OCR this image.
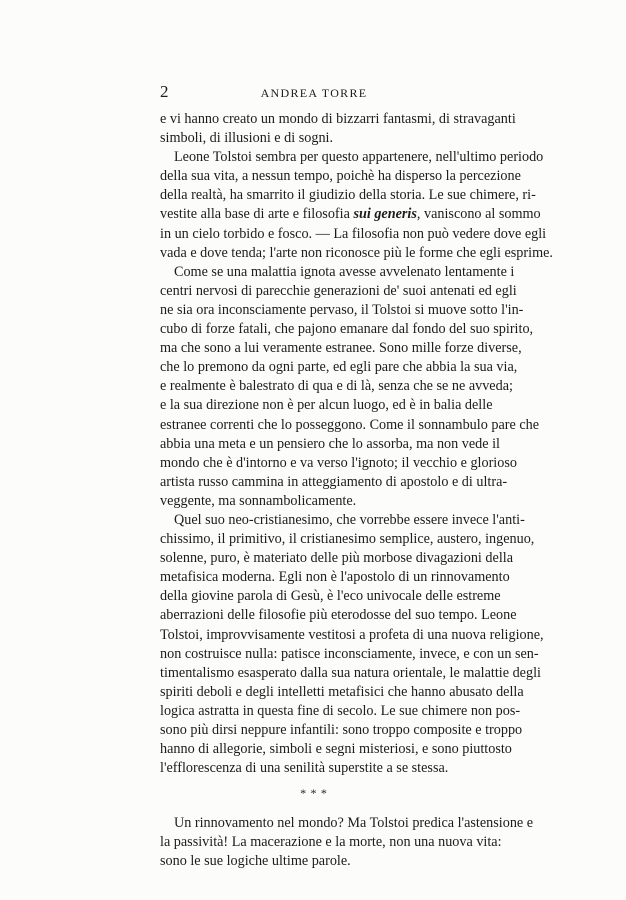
2	ANDREA TORRE
e vi hanno creato un mondo di bizzarri fantasmi, di stravaganti
simboli, di illusioni e di sogni.
Leone Tolstoi sembra per questo appartenere, nell'ultimo periodo
della sua vita, a nessun tempo, poichè ha disperso la percezione
della realtà, ha smarrito il giudizio della storia. Le sue chimere, ri-
vestite alla base di arte e filosofia sui generis, vaniscono al sommo
in un cielo torbido e fosco. — La filosofia non può vedere dove egli
vada e dove tenda; l'arte non riconosce più le forme che egli esprime.
Come se una malattia ignota avesse avvelenato lentamente i
centri nervosi di parecchie generazioni de' suoi antenati ed egli
ne sia ora inconsciamente pervaso, il Tolstoi si muove sotto l'in-
cubo di forze fatali, che pajono emanare dal fondo del suo spirito,
ma che sono a lui veramente estranee. Sono mille forze diverse,
che lo premono da ogni parte, ed egli pare che abbia la sua via,
e realmente è balestrato di qua e di là, senza che se ne avveda;
e la sua direzione non è per alcun luogo, ed è in balia delle
estranee correnti che lo posseggono. Come il sonnambulo pare che
abbia una meta e un pensiero che lo assorba, ma non vede il
mondo che è d'intorno e va verso l'ignoto; il vecchio e glorioso
artista russo cammina in atteggiamento di apostolo e di ultra-
veggente, ma sonnambolicamente.
Quel suo neo-cristianesimo, che vorrebbe essere invece l'anti-
chissimo, il primitivo, il cristianesimo semplice, austero, ingenuo,
solenne, puro, è materiato delle più morbose divagazioni della
metafisica moderna. Egli non è l'apostolo di un rinnovamento
della giovine parola di Gesù, è l'eco univocale delle estreme
aberrazioni delle filosofie più eterodosse del suo tempo. Leone
Tolstoi, improvvisamente vestitosi a profeta di una nuova religione,
non costruisce nulla: patisce inconsciamente, invece, e con un sen-
timentalismo esasperato dalla sua natura orientale, le malattie degli
spiriti deboli e degli intelletti metafisici che hanno abusato della
logica astratta in questa fine di secolo. Le sue chimere non pos-
sono più dirsi neppure infantili: sono troppo composite e troppo
hanno di allegorie, simboli e segni misteriosi, e sono piuttosto
l'efflorescenza di una senilità superstite a se stessa.
* * *
Un rinnovamento nel mondo? Ma Tolstoi predica l'astensione e
la passività! La macerazione e la morte, non una nuova vita:
sono le sue logiche ultime parole.
